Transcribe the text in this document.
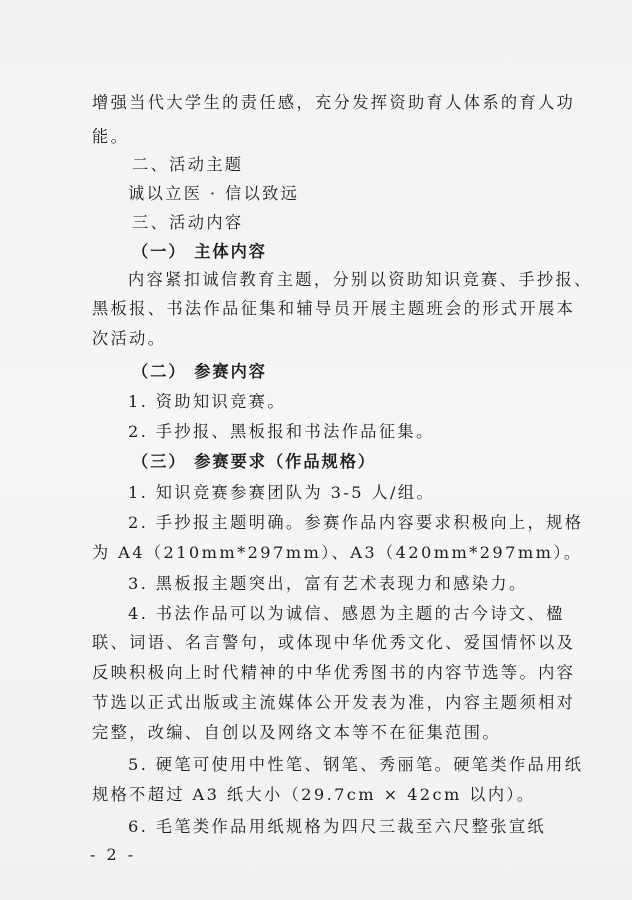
增强当代大学生的责任感，充分发挥资助育人体系的育人功
能。
二、活动主题
诚以立医 · 信以致远
三、活动内容
（一） 主体内容
内容紧扣诚信教育主题，分别以资助知识竞赛、手抄报、
黑板报、书法作品征集和辅导员开展主题班会的形式开展本
次活动。
（二） 参赛内容
1. 资助知识竞赛。
2. 手抄报、黑板报和书法作品征集。
（三） 参赛要求（作品规格）
1. 知识竞赛参赛团队为 3-5 人/组。
2. 手抄报主题明确。参赛作品内容要求积极向上，规格
为 A4（210mm*297mm）、A3（420mm*297mm）。
3. 黑板报主题突出，富有艺术表现力和感染力。
4. 书法作品可以为诚信、感恩为主题的古今诗文、楹
联、词语、名言警句，或体现中华优秀文化、爱国情怀以及
反映积极向上时代精神的中华优秀图书的内容节选等。内容
节选以正式出版或主流媒体公开发表为准，内容主题须相对
完整，改编、自创以及网络文本等不在征集范围。
5. 硬笔可使用中性笔、钢笔、秀丽笔。硬笔类作品用纸
规格不超过 A3 纸大小（29.7cm × 42cm 以内）。
6. 毛笔类作品用纸规格为四尺三裁至六尺整张宣纸
- 2 -
